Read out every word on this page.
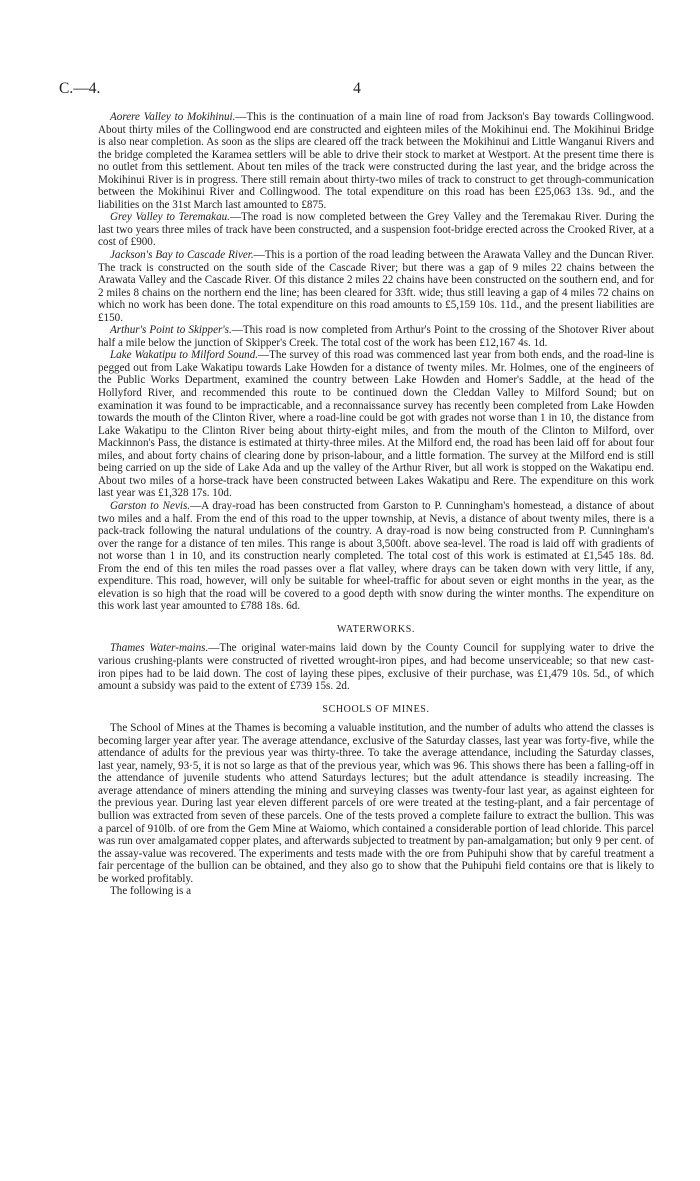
C.—4.	4

Aorere Valley to Mokihinui.—This is the continuation of a main line of road from Jackson's Bay towards Collingwood. About thirty miles of the Collingwood end are constructed and eighteen miles of the Mokihinui end. The Mokihinui Bridge is also near completion. As soon as the slips are cleared off the track between the Mokihinui and Little Wanganui Rivers and the bridge completed the Karamea settlers will be able to drive their stock to market at Westport. At the present time there is no outlet from this settlement. About ten miles of the track were constructed during the last year, and the bridge across the Mokihinui River is in progress. There still remain about thirty-two miles of track to construct to get through-communication between the Mokihinui River and Collingwood. The total expenditure on this road has been £25,063 13s. 9d., and the liabilities on the 31st March last amounted to £875.

Grey Valley to Teremakau.—The road is now completed between the Grey Valley and the Teremakau River. During the last two years three miles of track have been constructed, and a suspension foot-bridge erected across the Crooked River, at a cost of £900.

Jackson's Bay to Cascade River.—This is a portion of the road leading between the Arawata Valley and the Duncan River. The track is constructed on the south side of the Cascade River; but there was a gap of 9 miles 22 chains between the Arawata Valley and the Cascade River. Of this distance 2 miles 22 chains have been constructed on the southern end, and for 2 miles 8 chains on the northern end the line; has been cleared for 33ft. wide; thus still leaving a gap of 4 miles 72 chains on which no work has been done. The total expenditure on this road amounts to £5,159 10s. 11d., and the present liabilities are £150.

Arthur's Point to Skipper's.—This road is now completed from Arthur's Point to the crossing of the Shotover River about half a mile below the junction of Skipper's Creek. The total cost of the work has been £12,167 4s. 1d.

Lake Wakatipu to Milford Sound.—The survey of this road was commenced last year from both ends, and the road-line is pegged out from Lake Wakatipu towards Lake Howden for a distance of twenty miles. Mr. Holmes, one of the engineers of the Public Works Department, examined the country between Lake Howden and Homer's Saddle, at the head of the Hollyford River, and recommended this route to be continued down the Cleddan Valley to Milford Sound; but on examination it was found to be impracticable, and a reconnaissance survey has recently been completed from Lake Howden towards the mouth of the Clinton River, where a road-line could be got with grades not worse than 1 in 10, the distance from Lake Wakatipu to the Clinton River being about thirty-eight miles, and from the mouth of the Clinton to Milford, over Mackinnon's Pass, the distance is estimated at thirty-three miles. At the Milford end, the road has been laid off for about four miles, and about forty chains of clearing done by prison-labour, and a little formation. The survey at the Milford end is still being carried on up the side of Lake Ada and up the valley of the Arthur River, but all work is stopped on the Wakatipu end. About two miles of a horse-track have been constructed between Lakes Wakatipu and Rere. The expenditure on this work last year was £1,328 17s. 10d.

Garston to Nevis.—A dray-road has been constructed from Garston to P. Cunningham's homestead, a distance of about two miles and a half. From the end of this road to the upper township, at Nevis, a distance of about twenty miles, there is a pack-track following the natural undulations of the country. A dray-road is now being constructed from P. Cunningham's over the range for a distance of ten miles. This range is about 3,500ft. above sea-level. The road is laid off with gradients of not worse than 1 in 10, and its construction nearly completed. The total cost of this work is estimated at £1,545 18s. 8d. From the end of this ten miles the road passes over a flat valley, where drays can be taken down with very little, if any, expenditure. This road, however, will only be suitable for wheel-traffic for about seven or eight months in the year, as the elevation is so high that the road will be covered to a good depth with snow during the winter months. The expenditure on this work last year amounted to £788 18s. 6d.

WATERWORKS.

Thames Water-mains.—The original water-mains laid down by the County Council for supplying water to drive the various crushing-plants were constructed of rivetted wrought-iron pipes, and had become unserviceable; so that new cast-iron pipes had to be laid down. The cost of laying these pipes, exclusive of their purchase, was £1,479 10s. 5d., of which amount a subsidy was paid to the extent of £739 15s. 2d.

SCHOOLS OF MINES.

The School of Mines at the Thames is becoming a valuable institution, and the number of adults who attend the classes is becoming larger year after year. The average attendance, exclusive of the Saturday classes, last year was forty-five, while the attendance of adults for the previous year was thirty-three. To take the average attendance, including the Saturday classes, last year, namely, 93·5, it is not so large as that of the previous year, which was 96. This shows there has been a falling-off in the attendance of juvenile students who attend Saturdays lectures; but the adult attendance is steadily increasing. The average attendance of miners attending the mining and surveying classes was twenty-four last year, as against eighteen for the previous year. During last year eleven different parcels of ore were treated at the testing-plant, and a fair percentage of bullion was extracted from seven of these parcels. One of the tests proved a complete failure to extract the bullion. This was a parcel of 910lb. of ore from the Gem Mine at Waiomo, which contained a considerable portion of lead chloride. This parcel was run over amalgamated copper plates, and afterwards subjected to treatment by pan-amalgamation; but only 9 per cent. of the assay-value was recovered. The experiments and tests made with the ore from Puhipuhi show that by careful treatment a fair percentage of the bullion can be obtained, and they also go to show that the Puhipuhi field contains ore that is likely to be worked profitably.

The following is a
